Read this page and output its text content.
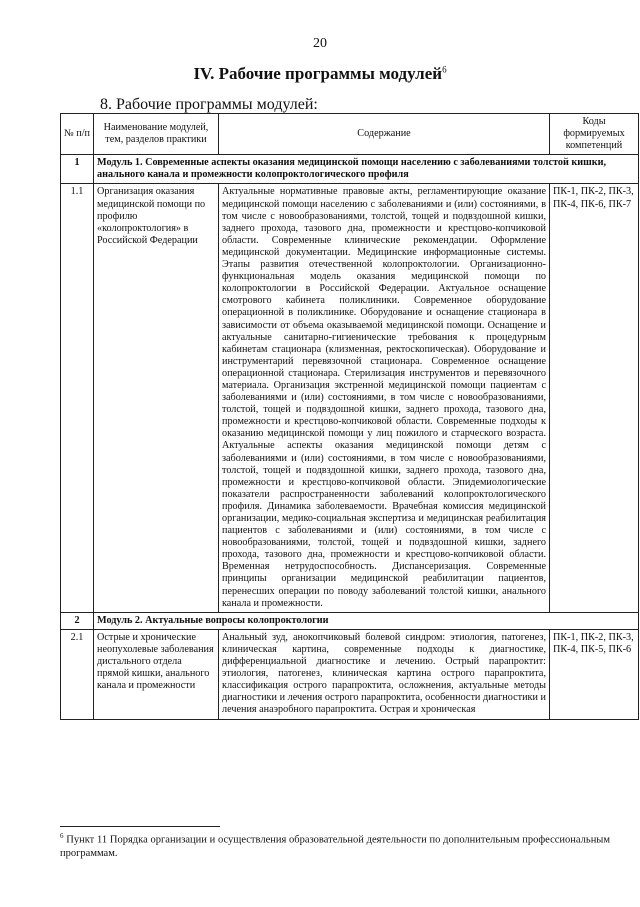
20
IV. Рабочие программы модулей$^6$
8. Рабочие программы модулей:
№ п/п	Наименование модулей, тем, разделов практики	Содержание	Коды формируемых компетенций
1	Модуль 1. Современные аспекты оказания медицинской помощи населению с заболеваниями толстой кишки, анального канала и промежности колопроктологического профиля		
1.1	Организация оказания медицинской помощи по профилю «колопроктология» в Российской Федерации	Актуальные нормативные правовые акты, регламентирующие оказание медицинской помощи населению с заболеваниями и (или) состояниями, в том числе с новообразованиями, толстой, тощей и подвздошной кишки, заднего прохода, тазового дна, промежности и крестцово-копчиковой области. Современные клинические рекомендации. Оформление медицинской документации. Медицинские информационные системы. Этапы развития отечественной колопроктологии. Организационно-функциональная модель оказания медицинской помощи по колопроктологии в Российской Федерации. Актуальное оснащение смотрового кабинета поликлиники. Современное оборудование операционной в поликлинике. Оборудование и оснащение стационара в зависимости от объема оказываемой медицинской помощи. Оснащение и актуальные санитарно-гигиенические требования к процедурным кабинетам стационара (клизменная, ректоскопическая). Оборудование и инструментарий перевязочной стационара. Современное оснащение операционной стационара. Стерилизация инструментов и перевязочного материала. Организация экстренной медицинской помощи пациентам с заболеваниями и (или) состояниями, в том числе с новообразованиями, толстой, тощей и подвздошной кишки, заднего прохода, тазового дна, промежности и крестцово-копчиковой области. Современные подходы к оказанию медицинской помощи у лиц пожилого и старческого возраста. Актуальные аспекты оказания медицинской помощи детям с заболеваниями и (или) состояниями, в том числе с новообразованиями, толстой, тощей и подвздошной кишки, заднего прохода, тазового дна, промежности и крестцово-копчиковой области. Эпидемиологические показатели распространенности заболеваний колопроктологического профиля. Динамика заболеваемости. Врачебная комиссия медицинской организации, медико-социальная экспертиза и медицинская реабилитация пациентов с заболеваниями и (или) состояниями, в том числе с новообразованиями, толстой, тощей и подвздошной кишки, заднего прохода, тазового дна, промежности и крестцово-копчиковой области. Временная нетрудоспособность. Диспансеризация. Современные принципы организации медицинской реабилитации пациентов, перенесших операции по поводу заболеваний толстой кишки, анального канала и промежности.	ПК-1, ПК-2, ПК-3, ПК-4, ПК-6, ПК-7
2	Модуль 2. Актуальные вопросы колопроктологии		
2.1	Острые и хронические неопухолевые заболевания дистального отдела прямой кишки, анального канала и промежности	Анальный зуд, анокопчиковый болевой синдром: этиология, патогенез, клиническая картина, современные подходы к диагностике, дифференциальной диагностике и лечению. Острый парапроктит: этиология, патогенез, клиническая картина острого парапроктита, классификация острого парапроктита, осложнения, актуальные методы диагностики и лечения острого парапроктита, особенности диагностики и лечения анаэробного парапроктита. Острая и хроническая	ПК-1, ПК-2, ПК-3, ПК-4, ПК-5, ПК-6
$^6$ Пункт 11 Порядка организации и осуществления образовательной деятельности по дополнительным профессиональным программам.
